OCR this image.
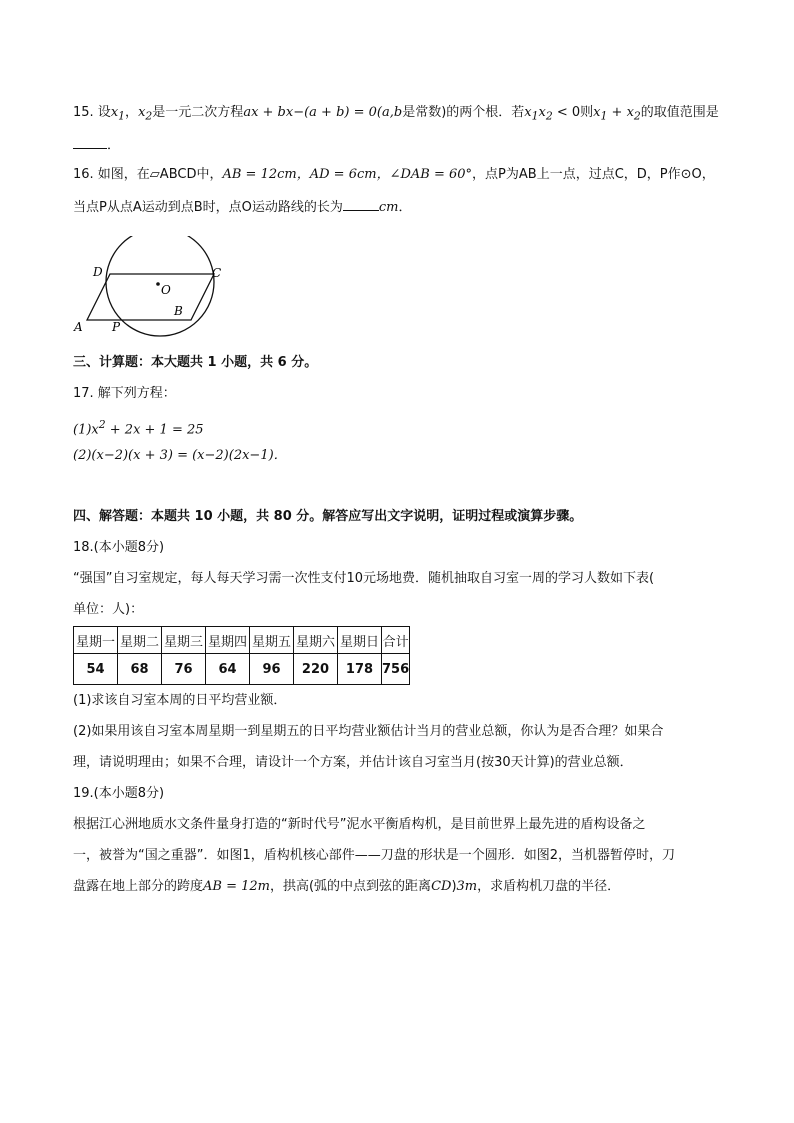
15. 设$x_1$，$x_2$是一元二次方程ax + bx−(a + b) = 0(a,b是常数)的两个根．若$x_1x_2 < 0$则$x_1 + x_2$的取值范围是
．
16. 如图，在▱ABCD中，AB = 12cm，AD = 6cm，∠DAB = 60°，点P为AB上一点，过点C，D，P作⊙O，
当点P从点A运动到点B时，点O运动路线的长为	cm．
D	C
O
B
A P
三、计算题：本大题共 1 小题，共 6 分。
17. 解下列方程：
$(1)x^2 + 2x + 1 = 25$
(2)(x−2)(x + 3) = (x−2)(2x−1)．
四、解答题：本题共 10 小题，共 80 分。解答应写出文字说明，证明过程或演算步骤。
18.(本小题8分)
“强国”自习室规定，每人每天学习需一次性支付10元场地费．随机抽取自习室一周的学习人数如下表(
单位：人)：
星期一	星期二	星期三	星期四	星期五	星期六	星期日	合计
54	68	76	64	96	220	178	756
(1)求该自习室本周的日平均营业额．
(2)如果用该自习室本周星期一到星期五的日平均营业额估计当月的营业总额，你认为是否合理？如果合
理，请说明理由；如果不合理，请设计一个方案，并估计该自习室当月(按30天计算)的营业总额．
19.(本小题8分)
根据江心洲地质水文条件量身打造的“新时代号”泥水平衡盾构机，是目前世界上最先进的盾构设备之
一，被誉为“国之重器”．如图1，盾构机核心部件——刀盘的形状是一个圆形．如图2，当机器暂停时，刀
盘露在地上部分的跨度AB = 12m，拱高(弧的中点到弦的距离CD)3m，求盾构机刀盘的半径．
